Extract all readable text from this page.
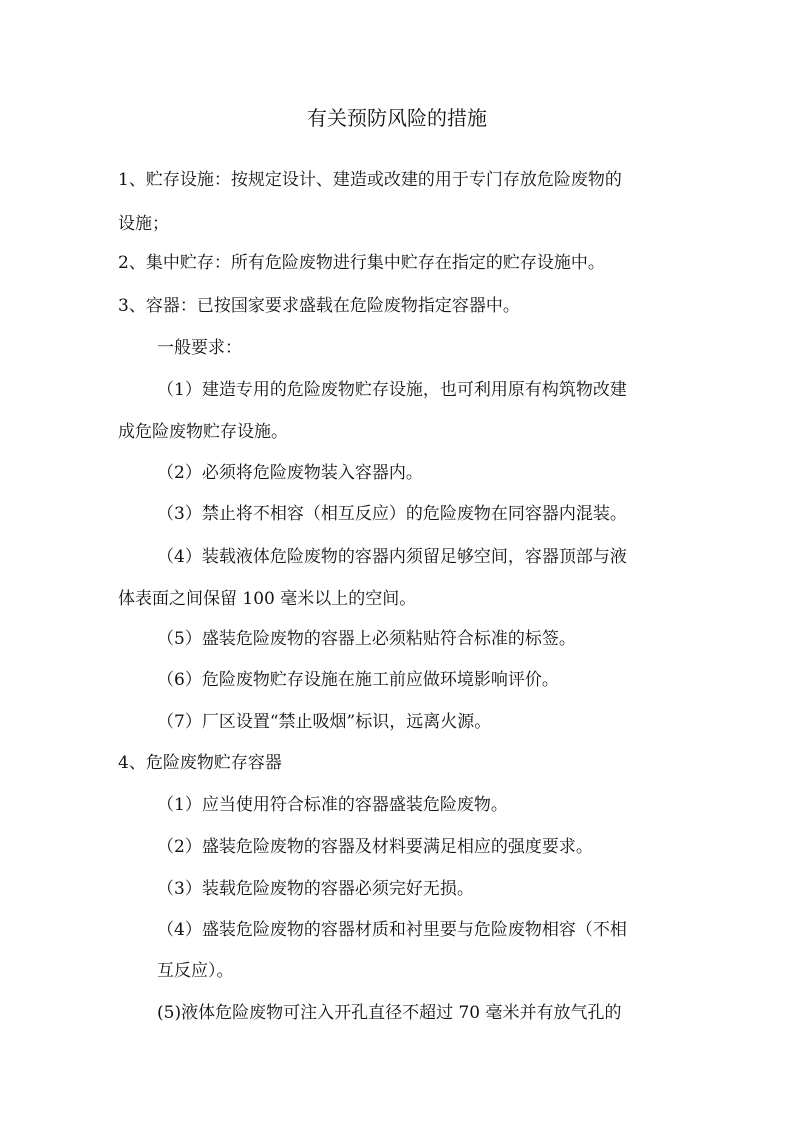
有关预防风险的措施
1、贮存设施：按规定设计、建造或改建的用于专门存放危险废物的
设施；
2、集中贮存：所有危险废物进行集中贮存在指定的贮存设施中。
3、容器：已按国家要求盛载在危险废物指定容器中。
一般要求：
（1）建造专用的危险废物贮存设施，也可利用原有构筑物改建
成危险废物贮存设施。
（2）必须将危险废物装入容器内。
（3）禁止将不相容（相互反应）的危险废物在同容器内混装。
（4）装载液体危险废物的容器内须留足够空间，容器顶部与液
体表面之间保留 100 毫米以上的空间。
（5）盛装危险废物的容器上必须粘贴符合标准的标签。
（6）危险废物贮存设施在施工前应做环境影响评价。
（7）厂区设置“禁止吸烟”标识，远离火源。
4、危险废物贮存容器
（1）应当使用符合标准的容器盛装危险废物。
（2）盛装危险废物的容器及材料要满足相应的强度要求。
（3）装载危险废物的容器必须完好无损。
（4）盛装危险废物的容器材质和衬里要与危险废物相容（不相
互反应）。
(5)液体危险废物可注入开孔直径不超过 70 毫米并有放气孔的
